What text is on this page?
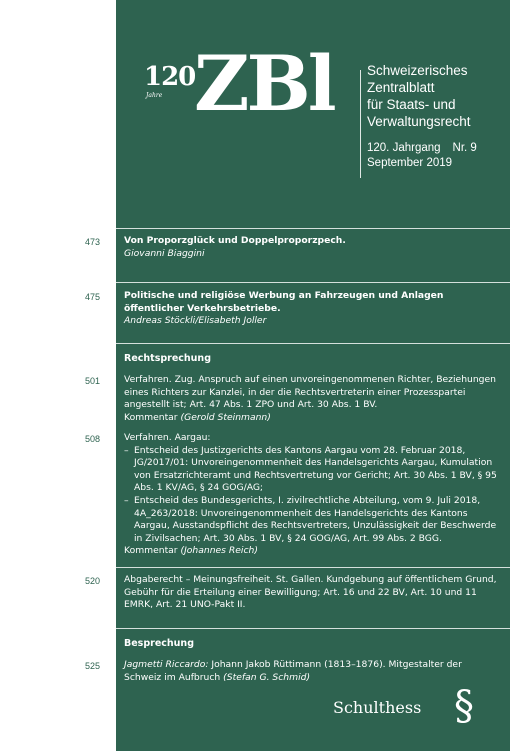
120
Jahre ZBl Schweizerisches
Zentralblatt
für Staats- und
Verwaltungsrecht
120. Jahrgang Nr. 9
September 2019
473	Von Proporzglück und Doppelproporzpech.
Giovanni Biaggini
475	Politische und religiöse Werbung an Fahrzeugen und Anlagen öffentlicher Verkehrsbetriebe.
Andreas Stöckli/Elisabeth Joller
Rechtsprechung
501	Verfahren. Zug. Anspruch auf einen unvoreingenommenen Richter, Beziehungen eines Richters zur Kanzlei, in der die Rechtsvertreterin einer Prozesspartei angestellt ist; Art. 47 Abs. 1 ZPO und Art. 30 Abs. 1 BV.
Kommentar (Gerold Steinmann)
508	Verfahren. Aargau:
– Entscheid des Justizgerichts des Kantons Aargau vom 28. Februar 2018, JG/2017/01: Unvoreingenommenheit des Handelsgerichts Aargau, Kumulation von Ersatzrichteramt und Rechtsvertretung vor Gericht; Art. 30 Abs. 1 BV, § 95 Abs. 1 KV/AG, § 24 GOG/AG;
– Entscheid des Bundesgerichts, I. zivilrechtliche Abteilung, vom 9. Juli 2018, 4A_263/2018: Unvoreingenommenheit des Handelsgerichts des Kantons Aargau, Ausstandspflicht des Rechtsvertreters, Unzulässigkeit der Beschwerde in Zivilsachen; Art. 30 Abs. 1 BV, § 24 GOG/AG, Art. 99 Abs. 2 BGG.
Kommentar (Johannes Reich)
520	Abgaberecht – Meinungsfreiheit. St. Gallen. Kundgebung auf öffentlichem Grund, Gebühr für die Erteilung einer Bewilligung; Art. 16 und 22 BV, Art. 10 und 11 EMRK, Art. 21 UNO-Pakt II.
Besprechung
525	Jagmetti Riccardo: Johann Jakob Rüttimann (1813–1876). Mitgestalter der Schweiz im Aufbruch (Stefan G. Schmid)
Schulthess §
